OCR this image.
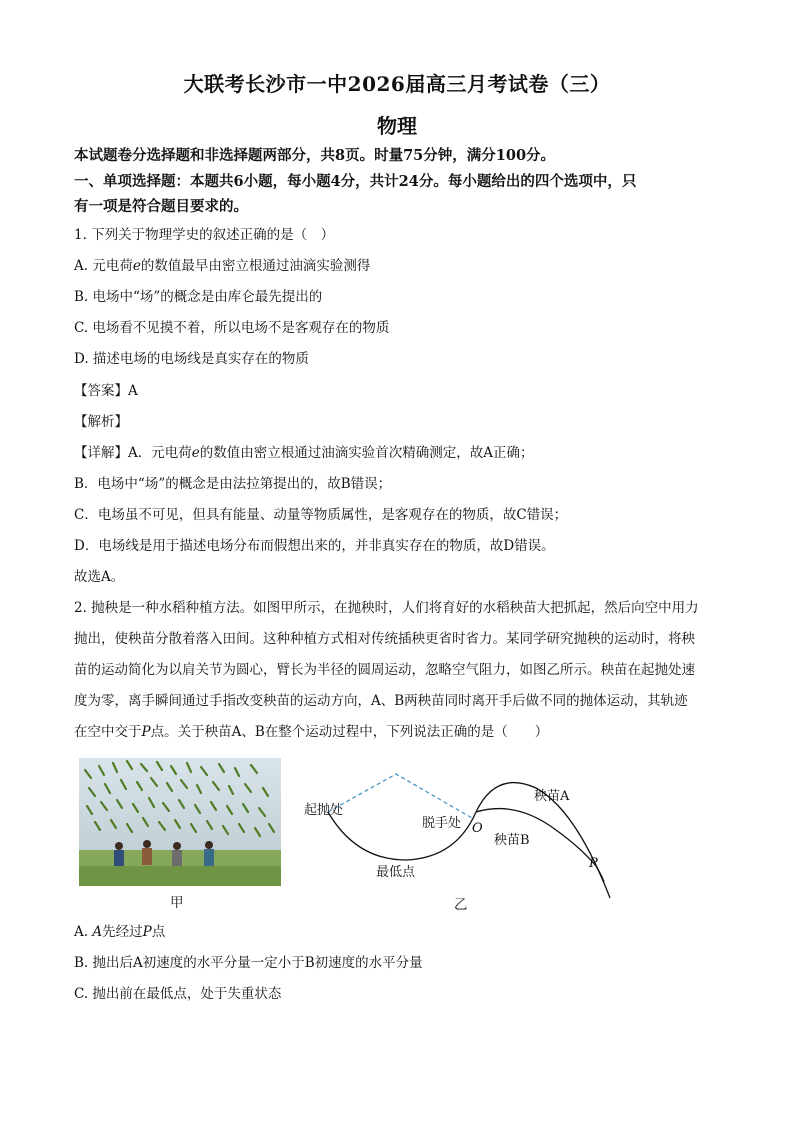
大联考长沙市一中2026届高三月考试卷（三）
物理
本试题卷分选择题和非选择题两部分，共8页。时量75分钟，满分100分。
一、单项选择题：本题共6小题，每小题4分，共计24分。每小题给出的四个选项中，只
有一项是符合题目要求的。
1. 下列关于物理学史的叙述正确的是（　）
A. 元电荷e的数值最早由密立根通过油滴实验测得
B. 电场中“场”的概念是由库仑最先提出的
C. 电场看不见摸不着，所以电场不是客观存在的物质
D. 描述电场的电场线是真实存在的物质
【答案】A
【解析】
【详解】A．元电荷e的数值由密立根通过油滴实验首次精确测定，故A正确；
B．电场中“场”的概念是由法拉第提出的，故B错误；
C．电场虽不可见，但具有能量、动量等物质属性，是客观存在的物质，故C错误；
D．电场线是用于描述电场分布而假想出来的，并非真实存在的物质，故D错误。
故选A。
2. 抛秧是一种水稻种植方法。如图甲所示，在抛秧时，人们将育好的水稻秧苗大把抓起，然后向空中用力
抛出，使秧苗分散着落入田间。这种种植方式相对传统插秧更省时省力。某同学研究抛秧的运动时，将秧
苗的运动简化为以肩关节为圆心，臂长为半径的圆周运动，忽略空气阻力，如图乙所示。秧苗在起抛处速
度为零，离手瞬间通过手指改变秧苗的运动方向，A、B两秧苗同时离开手后做不同的抛体运动，其轨迹
在空中交于P点。关于秧苗A、B在整个运动过程中，下列说法正确的是（　　）
甲
起抛处
最低点
脱手处 O
秧苗A
秧苗B
P
乙
A. A先经过P点
B. 抛出后A初速度的水平分量一定小于B初速度的水平分量
C. 抛出前在最低点，处于失重状态
